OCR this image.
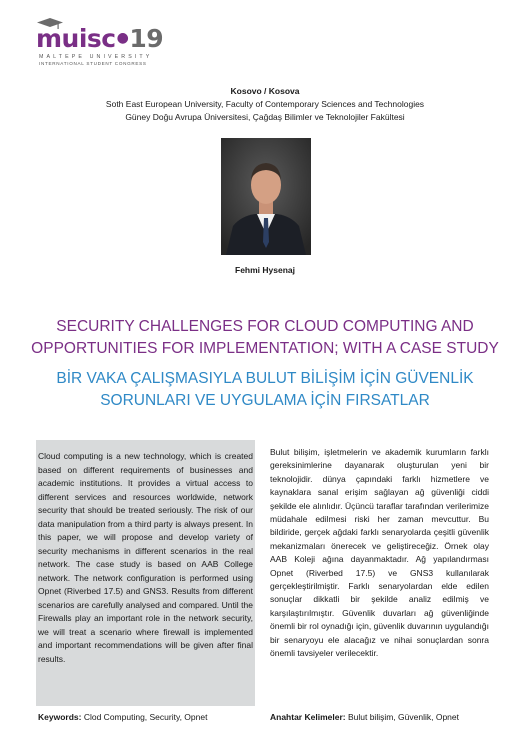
muisc●19
MALTEPE UNIVERSITY
INTERNATIONAL STUDENT CONGRESS
Kosovo / Kosova
Soth East European University, Faculty of Contemporary Sciences and Technologies
Güney Doğu Avrupa Üniversitesi, Çağdaş Bilimler ve Teknolojiler Fakültesi
Fehmi Hysenaj
SECURITY CHALLENGES FOR CLOUD COMPUTING AND
OPPORTUNITIES FOR IMPLEMENTATION; WITH A CASE STUDY
BİR VAKA ÇALIŞMASIYLA BULUT BİLİŞİM İÇİN GÜVENLİK
SORUNLARI VE UYGULAMA İÇİN FIRSATLAR
Cloud computing is a new technology, which is created based on different requirements of businesses and academic institutions. It provides a virtual access to different services and resources worldwide, network security that should be treated seriously. The risk of our data manipulation from a third party is always present. In this paper, we will propose and develop variety of security mechanisms in different scenarios in the real network. The case study is based on AAB College network. The network configuration is performed using Opnet (Riverbed 17.5) and GNS3. Results from different scenarios are carefully analysed and compared. Until the Firewalls play an important role in the network security, we will treat a scenario where firewall is implemented and important recommendations will be given after final results.
Bulut bilişim, işletmelerin ve akademik kurumların farklı gereksinimlerine dayanarak oluşturulan yeni bir teknolojidir. dünya çapındaki farklı hizmetlere ve kaynaklara sanal erişim sağlayan ağ güvenliği ciddi şekilde ele alınlıdır. Üçüncü taraflar tarafından verilerimize müdahale edilmesi riski her zaman mevcuttur. Bu bildiride, gerçek ağdaki farklı senaryolarda çeşitli güvenlik mekanizmaları önerecek ve geliştireceğiz. Örnek olay AAB Koleji ağına dayanmaktadır. Ağ yapılandırması Opnet (Riverbed 17.5) ve GNS3 kullanılarak gerçekleştirilmiştir. Farklı senaryolardan elde edilen sonuçlar dikkatli bir şekilde analiz edilmiş ve karşılaştırılmıştır. Güvenlik duvarları ağ güvenliğinde önemli bir rol oynadığı için, güvenlik duvarının uygulandığı bir senaryoyu ele alacağız ve nihai sonuçlardan sonra önemli tavsiyeler verilecektir.
Keywords: Clod Computing, Security, Opnet	Anahtar Kelimeler: Bulut bilişim, Güvenlik, Opnet
